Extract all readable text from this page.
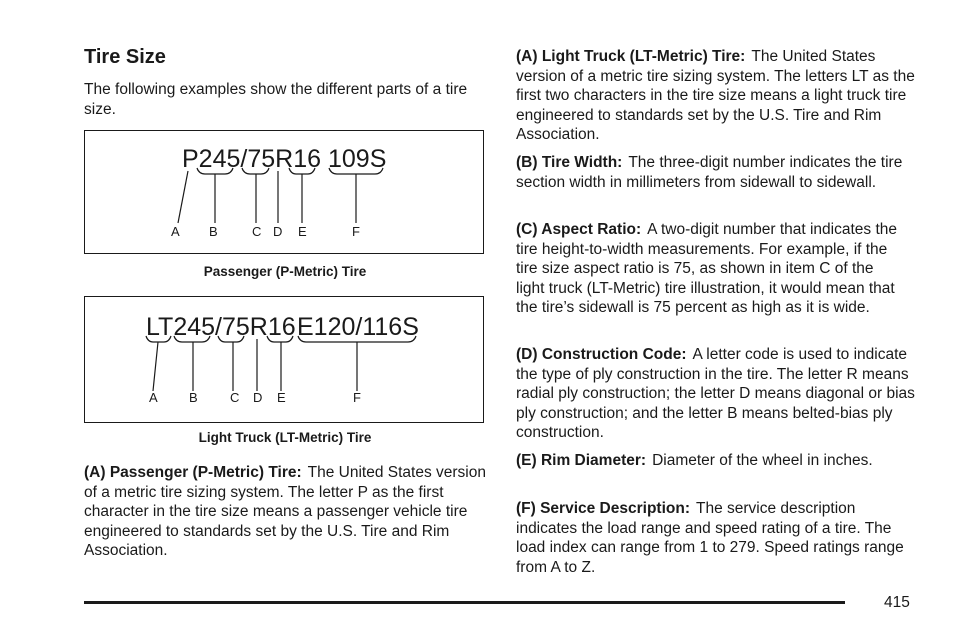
Tire Size

The following examples show the different parts of a tire size.

P245/75R16 109S
A B	C D E	F
Passenger (P-Metric) Tire
LT245/75R16 E120/116S
A B C D E	F
Light Truck (LT-Metric) Tire

(A) Passenger (P-Metric) Tire: The United States version of a metric tire sizing system. The letter P as the first character in the tire size means a passenger vehicle tire engineered to standards set by the U.S. Tire and Rim Association.

(A) Light Truck (LT-Metric) Tire: The United States version of a metric tire sizing system. The letters LT as the first two characters in the tire size means a light truck tire engineered to standards set by the U.S. Tire and Rim Association.

(B) Tire Width: The three-digit number indicates the tire section width in millimeters from sidewall to sidewall.

(C) Aspect Ratio: A two-digit number that indicates the tire height-to-width measurements. For example, if the tire size aspect ratio is 75, as shown in item C of the light truck (LT-Metric) tire illustration, it would mean that the tire’s sidewall is 75 percent as high as it is wide.

(D) Construction Code: A letter code is used to indicate the type of ply construction in the tire. The letter R means radial ply construction; the letter D means diagonal or bias ply construction; and the letter B means belted-bias ply construction.

(E) Rim Diameter: Diameter of the wheel in inches.

(F) Service Description: The service description indicates the load range and speed rating of a tire. The load index can range from 1 to 279. Speed ratings range from A to Z.

415
